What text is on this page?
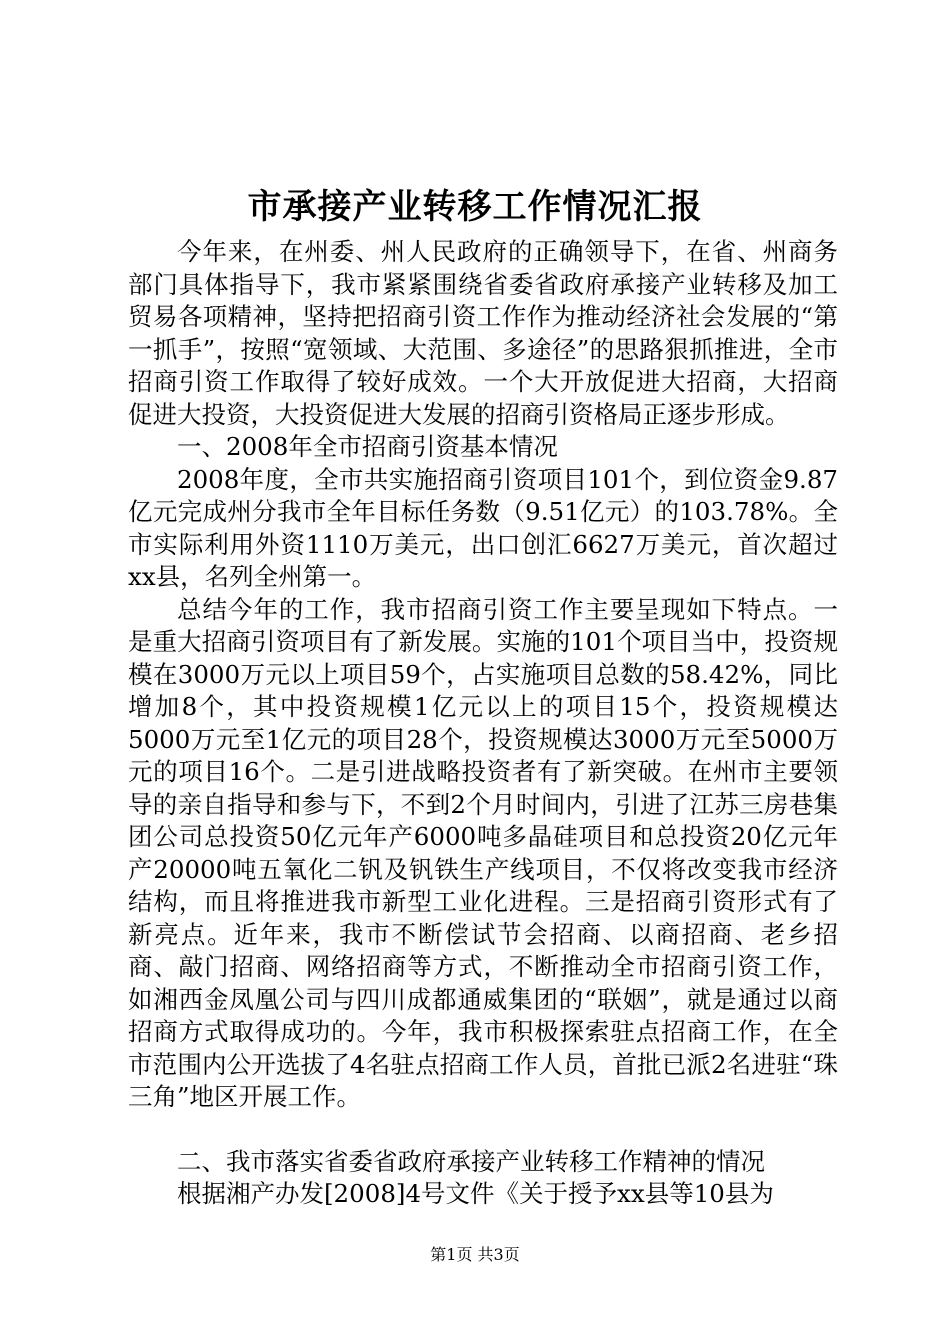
市承接产业转移工作情况汇报

今年来，在州委、州人民政府的正确领导下，在省、州商务部门具体指导下，我市紧紧围绕省委省政府承接产业转移及加工贸易各项精神，坚持把招商引资工作作为推动经济社会发展的“第一抓手”，按照“宽领域、大范围、多途径”的思路狠抓推进，全市招商引资工作取得了较好成效。一个大开放促进大招商，大招商促进大投资，大投资促进大发展的招商引资格局正逐步形成。

一、2008年全市招商引资基本情况

2008年度，全市共实施招商引资项目101个，到位资金9.87亿元完成州分我市全年目标任务数（9.51亿元）的103.78%。全市实际利用外资1110万美元，出口创汇6627万美元，首次超过xx县，名列全州第一。

总结今年的工作，我市招商引资工作主要呈现如下特点。一是重大招商引资项目有了新发展。实施的101个项目当中，投资规模在3000万元以上项目59个，占实施项目总数的58.42%，同比增加8个，其中投资规模1亿元以上的项目15个，投资规模达5000万元至1亿元的项目28个，投资规模达3000万元至5000万元的项目16个。二是引进战略投资者有了新突破。在州市主要领导的亲自指导和参与下，不到2个月时间内，引进了江苏三房巷集团公司总投资50亿元年产6000吨多晶硅项目和总投资20亿元年产20000吨五氧化二钒及钒铁生产线项目，不仅将改变我市经济结构，而且将推进我市新型工业化进程。三是招商引资形式有了新亮点。近年来，我市不断偿试节会招商、以商招商、老乡招商、敲门招商、网络招商等方式，不断推动全市招商引资工作，如湘西金凤凰公司与四川成都通威集团的“联姻”，就是通过以商招商方式取得成功的。今年，我市积极探索驻点招商工作，在全市范围内公开选拔了4名驻点招商工作人员，首批已派2名进驻“珠三角”地区开展工作。

二、我市落实省委省政府承接产业转移工作精神的情况

根据湘产办发[2008]4号文件《关于授予xx县等10县为

第1页 共3页
